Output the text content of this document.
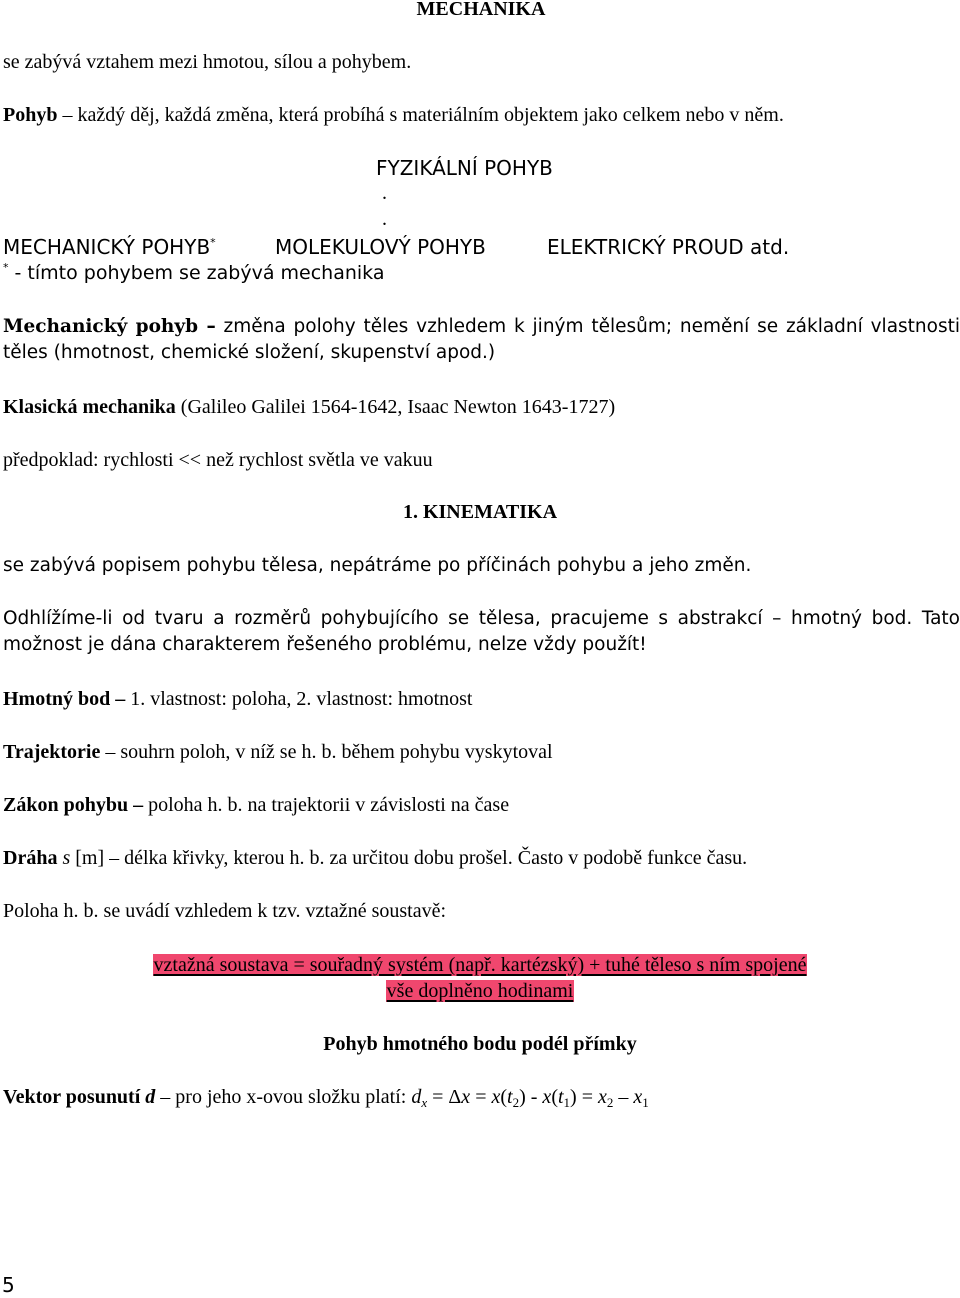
MECHANIKA
se zabývá vztahem mezi hmotou, sílou a pohybem.
Pohyb – každý děj, každá změna, která probíhá s materiálním objektem jako celkem nebo v něm.
FYZIKÁLNÍ POHYB
.
.
MECHANICKÝ POHYB*	MOLEKULOVÝ POHYB	ELEKTRICKÝ PROUD atd.
* - tímto pohybem se zabývá mechanika
Mechanický pohyb – změna polohy těles vzhledem k jiným tělesům; nemění se základní vlastnosti
těles (hmotnost, chemické složení, skupenství apod.)
Klasická mechanika (Galileo Galilei 1564-1642, Isaac Newton 1643-1727)
předpoklad: rychlosti << než rychlost světla ve vakuu
1. KINEMATIKA
se zabývá popisem pohybu tělesa, nepátráme po příčinách pohybu a jeho změn.
Odhlížíme-li od tvaru a rozměrů pohybujícího se tělesa, pracujeme s abstrakcí – hmotný bod. Tato
možnost je dána charakterem řešeného problému, nelze vždy použít!
Hmotný bod – 1. vlastnost: poloha, 2. vlastnost: hmotnost
Trajektorie – souhrn poloh, v níž se h. b. během pohybu vyskytoval
Zákon pohybu – poloha h. b. na trajektorii v závislosti na čase
Dráha s [m] – délka křivky, kterou h. b. za určitou dobu prošel. Často v podobě funkce času.
Poloha h. b. se uvádí vzhledem k tzv. vztažné soustavě:
vztažná soustava = souřadný systém (např. kartézský) + tuhé těleso s ním spojené
vše doplněno hodinami
Pohyb hmotného bodu podél přímky
Vektor posunutí d – pro jeho x-ovou složku platí: $d_x = \Delta x = x(t_2) - x(t_1) = x_2 - x_1$
5
